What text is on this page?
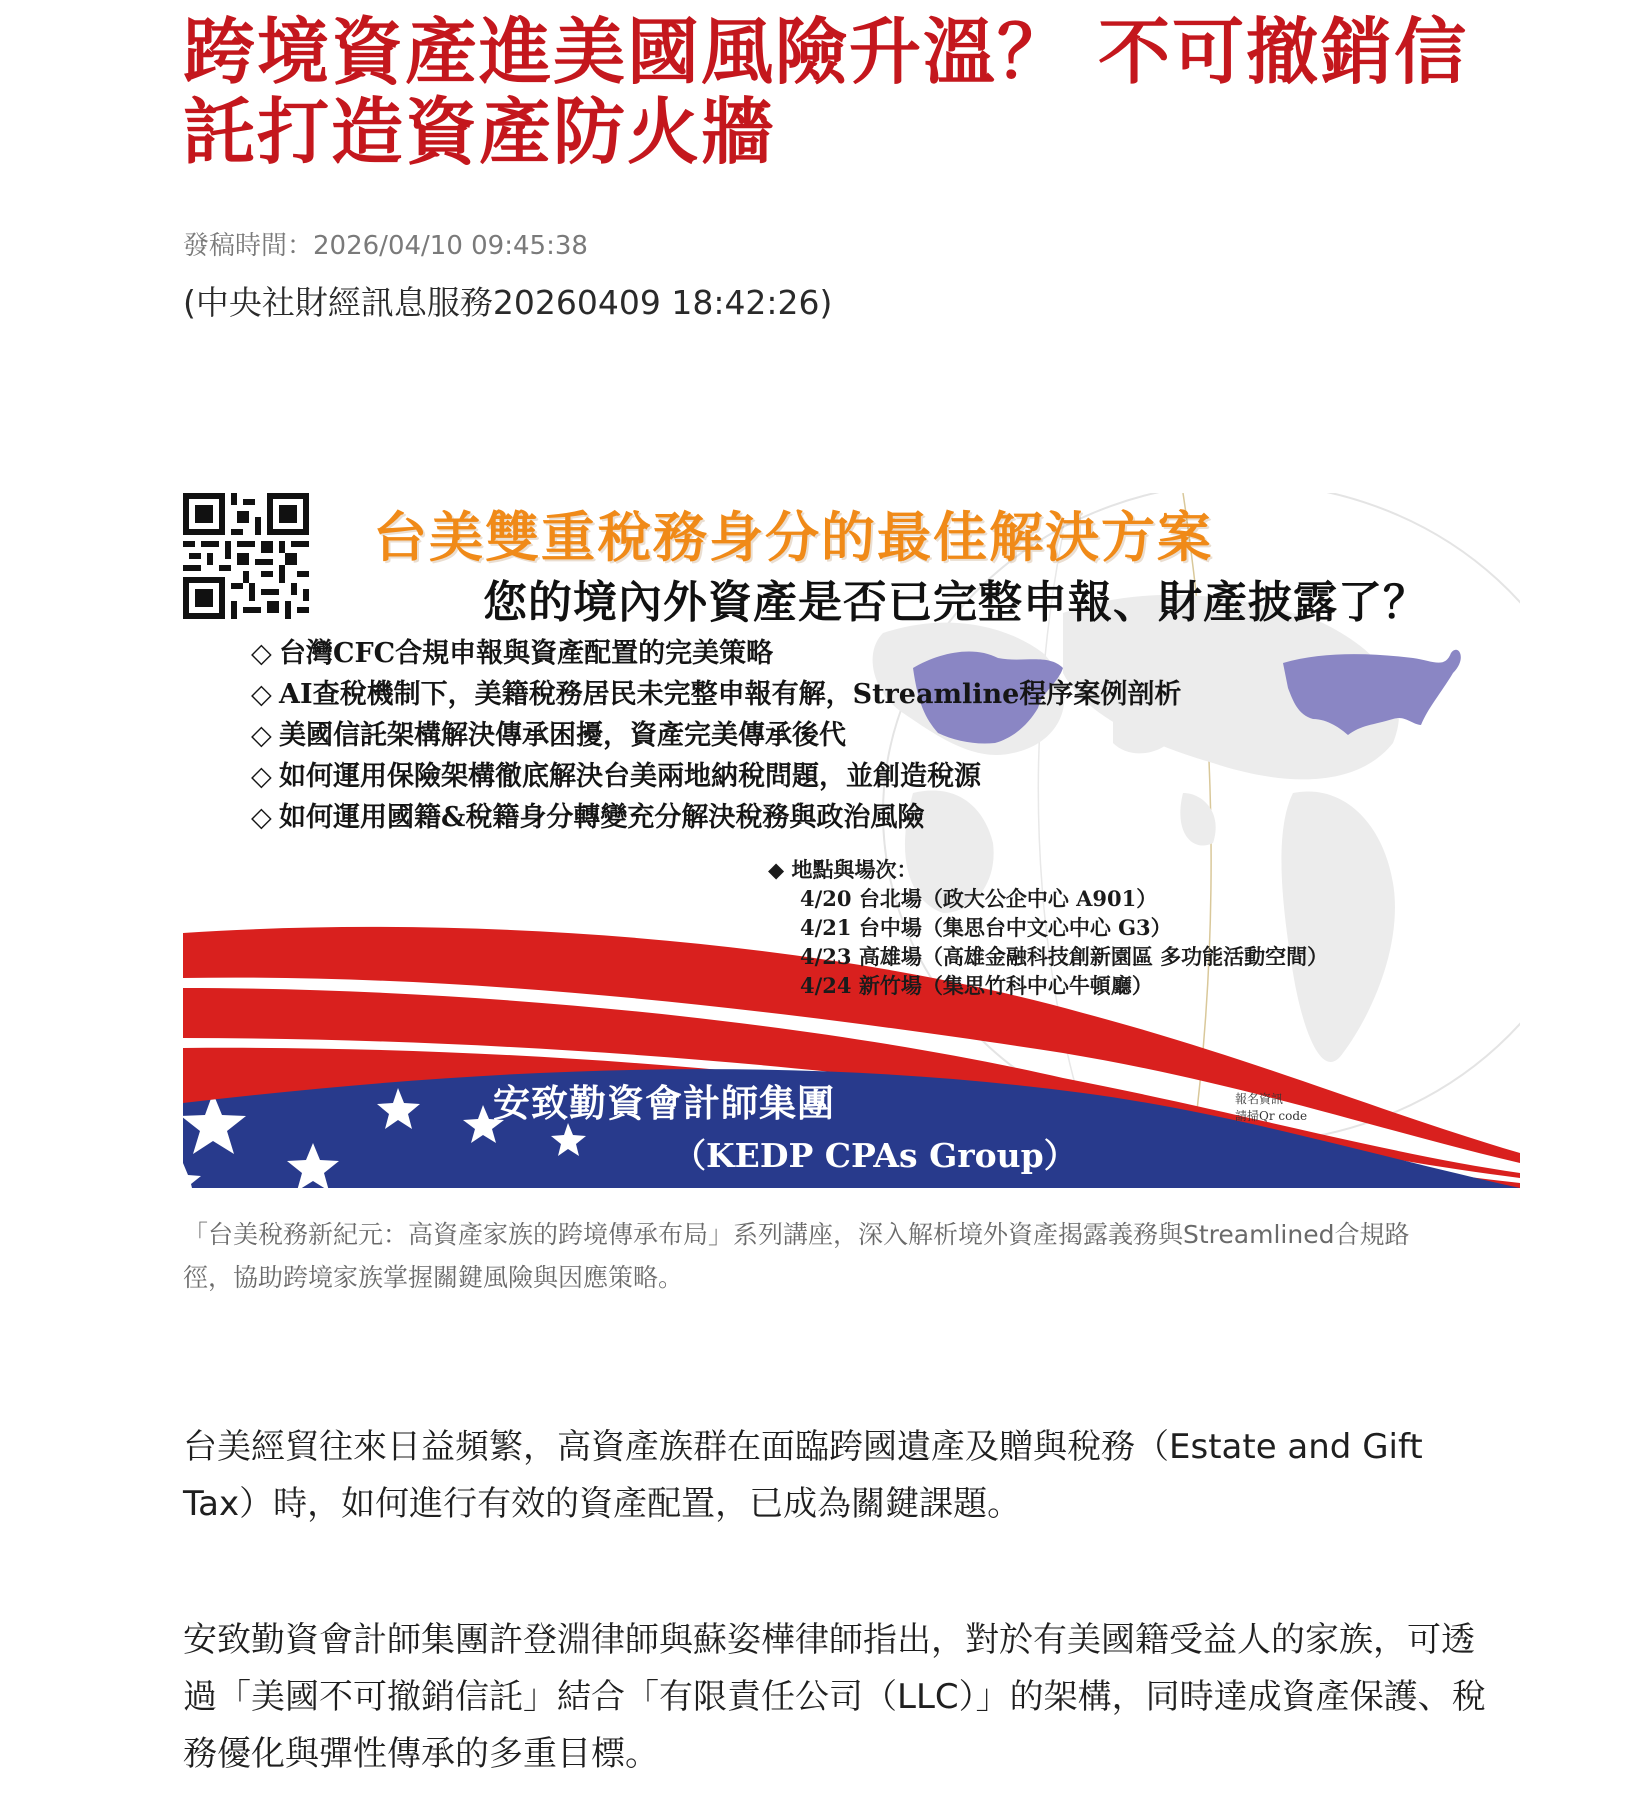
跨境資產進美國風險升溫？ 不可撤銷信
託打造資產防火牆
發稿時間：2026/04/10 09:45:38
(中央社財經訊息服務20260409 18:42:26)
台美雙重稅務身分的最佳解決方案
您的境內外資產是否已完整申報、財產披露了？
◇ 台灣CFC合規申報與資產配置的完美策略
◇ AI查稅機制下，美籍稅務居民未完整申報有解，Streamline程序案例剖析
◇ 美國信託架構解決傳承困擾，資產完美傳承後代
◇ 如何運用保險架構徹底解決台美兩地納稅問題，並創造稅源
◇ 如何運用國籍&稅籍身分轉變充分解決稅務與政治風險
◆ 地點與場次：
4/20 台北場（政大公企中心 A901）
4/21 台中場（集思台中文心中心 G3）
4/23 高雄場（高雄金融科技創新園區 多功能活動空間）
4/24 新竹場（集思竹科中心牛頓廳）
報名資訊
請掃Qr code
安致勤資會計師集團
（KEDP CPAs Group）
「台美稅務新紀元：高資產家族的跨境傳承布局」系列講座，深入解析境外資產揭露義務與Streamlined合規路徑，協助跨境家族掌握關鍵風險與因應策略。

台美經貿往來日益頻繁，高資產族群在面臨跨國遺產及贈與稅務（Estate and Gift Tax）時，如何進行有效的資產配置，已成為關鍵課題。

安致勤資會計師集團許登淵律師與蘇姿樺律師指出，對於有美國籍受益人的家族，可透過「美國不可撤銷信託」結合「有限責任公司（LLC）」的架構，同時達成資產保護、稅務優化與彈性傳承的多重目標。
